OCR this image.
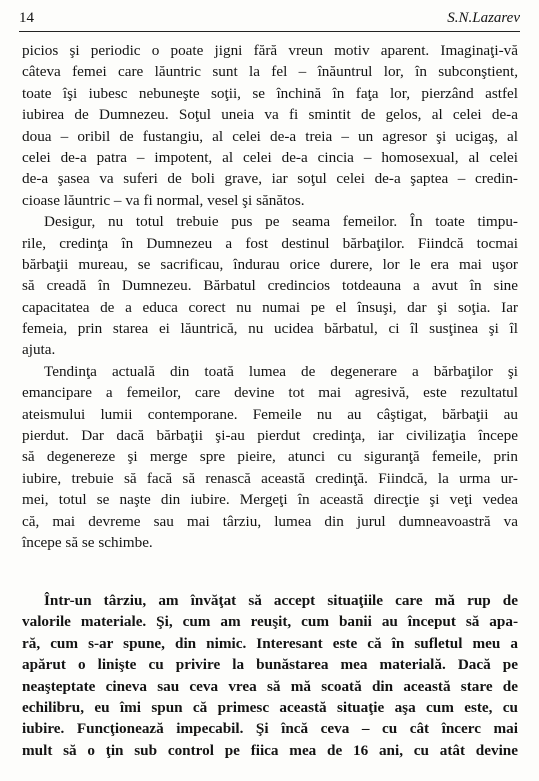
14	S.N.Lazarev
picios şi periodic o poate jigni fără vreun motiv aparent. Imaginaţi-vă
câteva femei care lăuntric sunt la fel – înăuntrul lor, în subconştient,
toate îşi iubesc nebuneşte soţii, se închină în faţa lor, pierzând astfel
iubirea de Dumnezeu. Soţul uneia va fi smintit de gelos, al celei de-a
doua – oribil de fustangiu, al celei de-a treia – un agresor şi ucigaş, al
celei de-a patra – impotent, al celei de-a cincia – homosexual, al celei
de-a şasea va suferi de boli grave, iar soţul celei de-a şaptea – credin-
cioase lăuntric – va fi normal, vesel şi sănătos.
Desigur, nu totul trebuie pus pe seama femeilor. În toate timpu-
rile, credinţa în Dumnezeu a fost destinul bărbaţilor. Fiindcă tocmai
bărbaţii mureau, se sacrificau, îndurau orice durere, lor le era mai uşor
să creadă în Dumnezeu. Bărbatul credincios totdeauna a avut în sine
capacitatea de a educa corect nu numai pe el însuşi, dar şi soţia. Iar
femeia, prin starea ei lăuntrică, nu ucidea bărbatul, ci îl susţinea şi îl
ajuta.
Tendinţa actuală din toată lumea de degenerare a bărbaţilor şi
emancipare a femeilor, care devine tot mai agresivă, este rezultatul
ateismului lumii contemporane. Femeile nu au câştigat, bărbaţii au
pierdut. Dar dacă bărbaţii şi-au pierdut credinţa, iar civilizaţia începe
să degenereze şi merge spre pieire, atunci cu siguranţă femeile, prin
iubire, trebuie să facă să renască această credinţă. Fiindcă, la urma ur-
mei, totul se naşte din iubire. Mergeţi în această direcţie şi veţi vedea
că, mai devreme sau mai târziu, lumea din jurul dumneavoastră va
începe să se schimbe.
Într-un târziu, am învăţat să accept situaţiile care mă rup de
valorile materiale. Şi, cum am reuşit, cum banii au început să apa-
ră, cum s-ar spune, din nimic. Interesant este că în sufletul meu a
apărut o linişte cu privire la bunăstarea mea materială. Dacă pe
neaşteptate cineva sau ceva vrea să mă scoată din această stare de
echilibru, eu îmi spun că primesc această situaţie aşa cum este, cu
iubire. Funcţionează impecabil. Şi încă ceva – cu cât încerc mai
mult să o ţin sub control pe fiica mea de 16 ani, cu atât devine
